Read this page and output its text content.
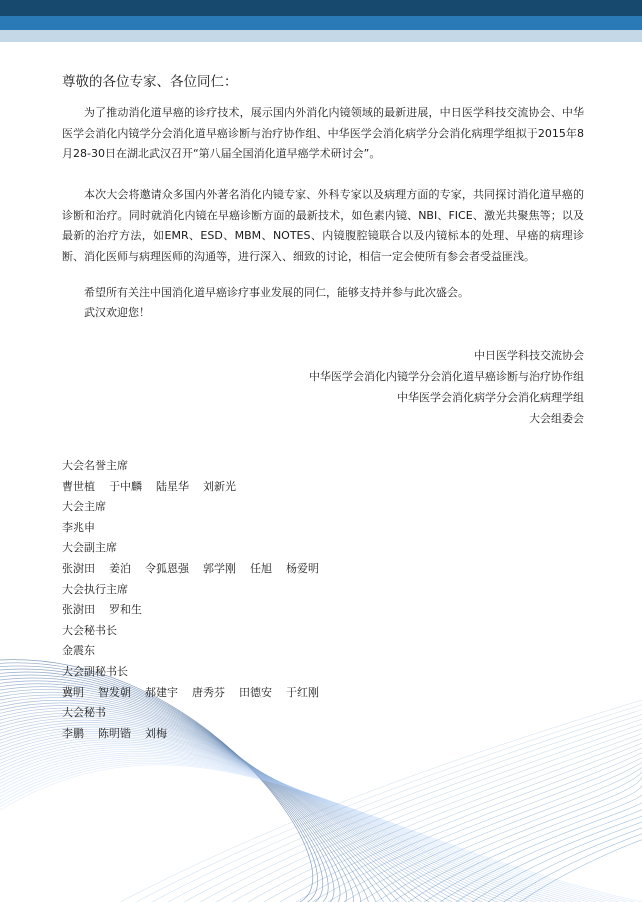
尊敬的各位专家、各位同仁：

为了推动消化道早癌的诊疗技术，展示国内外消化内镜领域的最新进展，中日医学科技交流协会、中华医学会消化内镜学分会消化道早癌诊断与治疗协作组、中华医学会消化病学分会消化病理学组拟于2015年8月28-30日在湖北武汉召开“第八届全国消化道早癌学术研讨会”。

本次大会将邀请众多国内外著名消化内镜专家、外科专家以及病理方面的专家，共同探讨消化道早癌的诊断和治疗。同时就消化内镜在早癌诊断方面的最新技术，如色素内镜、NBI、FICE、激光共聚焦等；以及最新的治疗方法，如EMR、ESD、MBM、NOTES、内镜腹腔镜联合以及内镜标本的处理、早癌的病理诊断、消化医师与病理医师的沟通等，进行深入、细致的讨论，相信一定会使所有参会者受益匪浅。

希望所有关注中国消化道早癌诊疗事业发展的同仁，能够支持并参与此次盛会。

武汉欢迎您！

中日医学科技交流协会
中华医学会消化内镜学分会消化道早癌诊断与治疗协作组
中华医学会消化病学分会消化病理学组
大会组委会
大会名誉主席
曹世植 于中麟 陆星华 刘新光
大会主席
李兆申
大会副主席
张澍田 姜泊 令狐恩强 郭学刚 任旭 杨爱明
大会执行主席
张澍田 罗和生
大会秘书长
金震东
大会副秘书长
冀明 智发朝 郝建宇 唐秀芬 田德安 于红刚
大会秘书
李鹏 陈明锴 刘梅
